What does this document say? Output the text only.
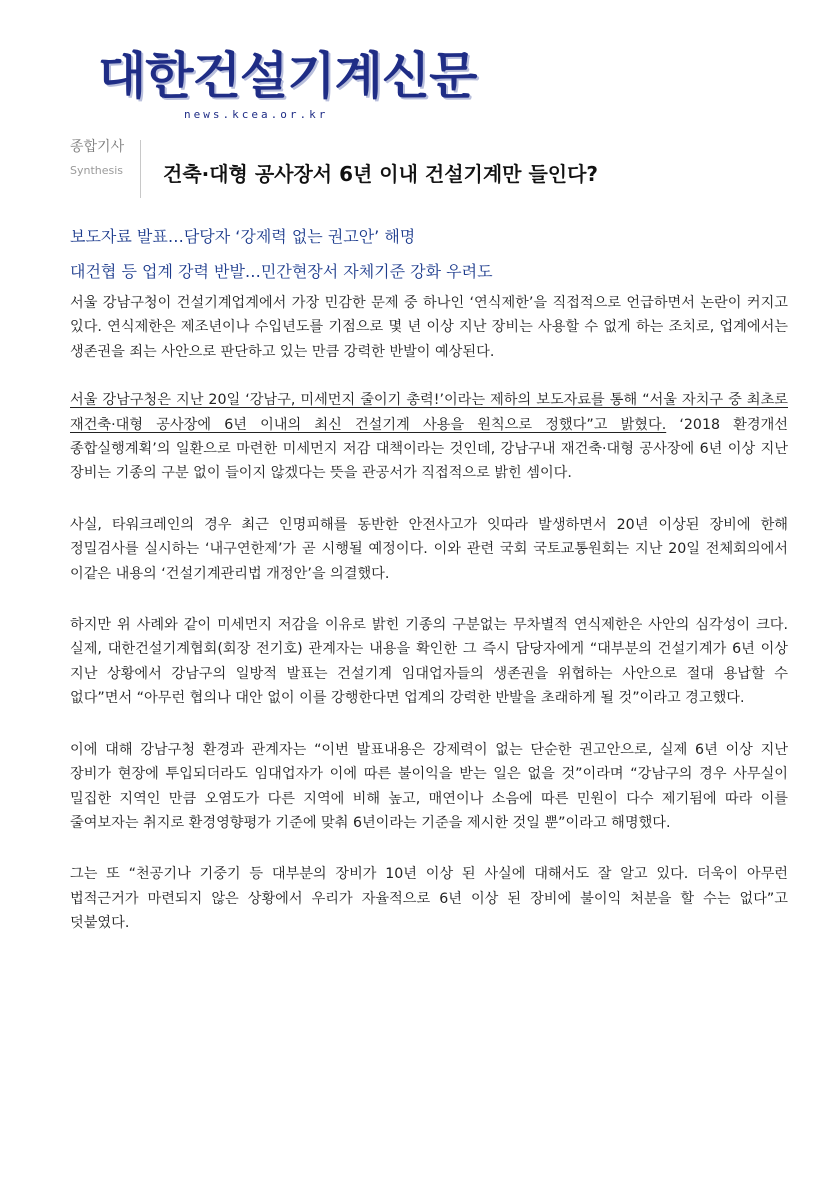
대한건설기계신문
news.kcea.or.kr
종합기사
Synthesis 건축·대형 공사장서 6년 이내 건설기계만 들인다?
보도자료 발표…담당자 ‘강제력 없는 권고안’ 해명
대건협 등 업계 강력 반발…민간현장서 자체기준 강화 우려도

서울 강남구청이 건설기계업계에서 가장 민감한 문제 중 하나인 ‘연식제한’을 직접적으로 언급하면서 논란이 커지고 있다. 연식제한은 제조년이나 수입년도를 기점으로 몇 년 이상 지난 장비는 사용할 수 없게 하는 조치로, 업계에서는 생존권을 죄는 사안으로 판단하고 있는 만큼 강력한 반발이 예상된다.

서울 강남구청은 지난 20일 ‘강남구, 미세먼지 줄이기 총력!’이라는 제하의 보도자료를 통해 “서울 자치구 중 최초로 재건축·대형 공사장에 6년 이내의 최신 건설기계 사용을 원칙으로 정했다”고 밝혔다. ‘2018 환경개선 종합실행계획’의 일환으로 마련한 미세먼지 저감 대책이라는 것인데, 강남구내 재건축·대형 공사장에 6년 이상 지난 장비는 기종의 구분 없이 들이지 않겠다는 뜻을 관공서가 직접적으로 밝힌 셈이다.

사실, 타워크레인의 경우 최근 인명피해를 동반한 안전사고가 잇따라 발생하면서 20년 이상된 장비에 한해 정밀검사를 실시하는 ‘내구연한제’가 곧 시행될 예정이다. 이와 관련 국회 국토교통원회는 지난 20일 전체회의에서 이같은 내용의 ‘건설기계관리법 개정안’을 의결했다.

하지만 위 사례와 같이 미세먼지 저감을 이유로 밝힌 기종의 구분없는 무차별적 연식제한은 사안의 심각성이 크다. 실제, 대한건설기계협회(회장 전기호) 관계자는 내용을 확인한 그 즉시 담당자에게 “대부분의 건설기계가 6년 이상 지난 상황에서 강남구의 일방적 발표는 건설기계 임대업자들의 생존권을 위협하는 사안으로 절대 용납할 수 없다”면서 “아무런 협의나 대안 없이 이를 강행한다면 업계의 강력한 반발을 초래하게 될 것”이라고 경고했다.

이에 대해 강남구청 환경과 관계자는 “이번 발표내용은 강제력이 없는 단순한 권고안으로, 실제 6년 이상 지난 장비가 현장에 투입되더라도 임대업자가 이에 따른 불이익을 받는 일은 없을 것”이라며 “강남구의 경우 사무실이 밀집한 지역인 만큼 오염도가 다른 지역에 비해 높고, 매연이나 소음에 따른 민원이 다수 제기됨에 따라 이를 줄여보자는 취지로 환경영향평가 기준에 맞춰 6년이라는 기준을 제시한 것일 뿐”이라고 해명했다.

그는 또 “천공기나 기중기 등 대부분의 장비가 10년 이상 된 사실에 대해서도 잘 알고 있다. 더욱이 아무런 법적근거가 마련되지 않은 상황에서 우리가 자율적으로 6년 이상 된 장비에 불이익 처분을 할 수는 없다”고 덧붙였다.
